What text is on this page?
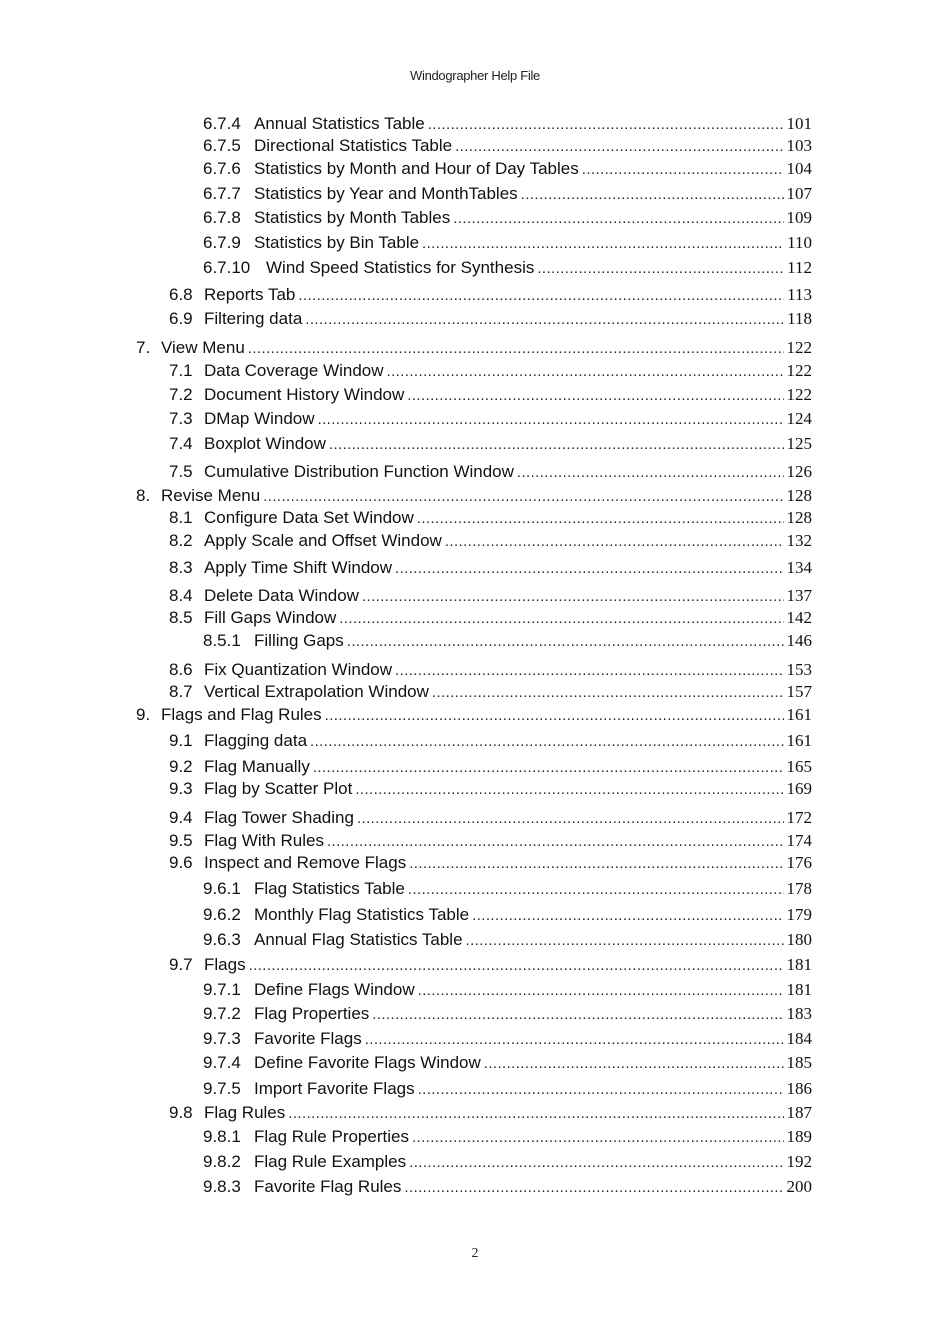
Windographer Help File
6.7.4 Annual Statistics Table .....	101
6.7.5 Directional Statistics Table .....	103
6.7.6 Statistics by Month and Hour of Day Tables .....	104
6.7.7 Statistics by Year and MonthTables .....	107
6.7.8 Statistics by Month Tables .....	109
6.7.9 Statistics by Bin Table .....	110
6.7.10 Wind Speed Statistics for Synthesis .....	112
6.8 Reports Tab .....	113
6.9 Filtering data .....	118
7. View Menu .....	122
7.1 Data Coverage Window .....	122
7.2 Document History Window .....	122
7.3 DMap Window .....	124
7.4 Boxplot Window .....	125
7.5 Cumulative Distribution Function Window .....	126
8. Revise Menu .....	128
8.1 Configure Data Set Window .....	128
8.2 Apply Scale and Offset Window .....	132
8.3 Apply Time Shift Window .....	134
8.4 Delete Data Window .....	137
8.5 Fill Gaps Window .....	142
8.5.1 Filling Gaps .....	146
8.6 Fix Quantization Window .....	153
8.7 Vertical Extrapolation Window .....	157
9. Flags and Flag Rules .....	161
9.1 Flagging data .....	161
9.2 Flag Manually .....	165
9.3 Flag by Scatter Plot .....	169
9.4 Flag Tower Shading .....	172
9.5 Flag With Rules .....	174
9.6 Inspect and Remove Flags .....	176
9.6.1 Flag Statistics Table .....	178
9.6.2 Monthly Flag Statistics Table .....	179
9.6.3 Annual Flag Statistics Table .....	180
9.7 Flags .....	181
9.7.1 Define Flags Window .....	181
9.7.2 Flag Properties .....	183
9.7.3 Favorite Flags .....	184
9.7.4 Define Favorite Flags Window .....	185
9.7.5 Import Favorite Flags .....	186
9.8 Flag Rules .....	187
9.8.1 Flag Rule Properties .....	189
9.8.2 Flag Rule Examples .....	192
9.8.3 Favorite Flag Rules .....	200
2
